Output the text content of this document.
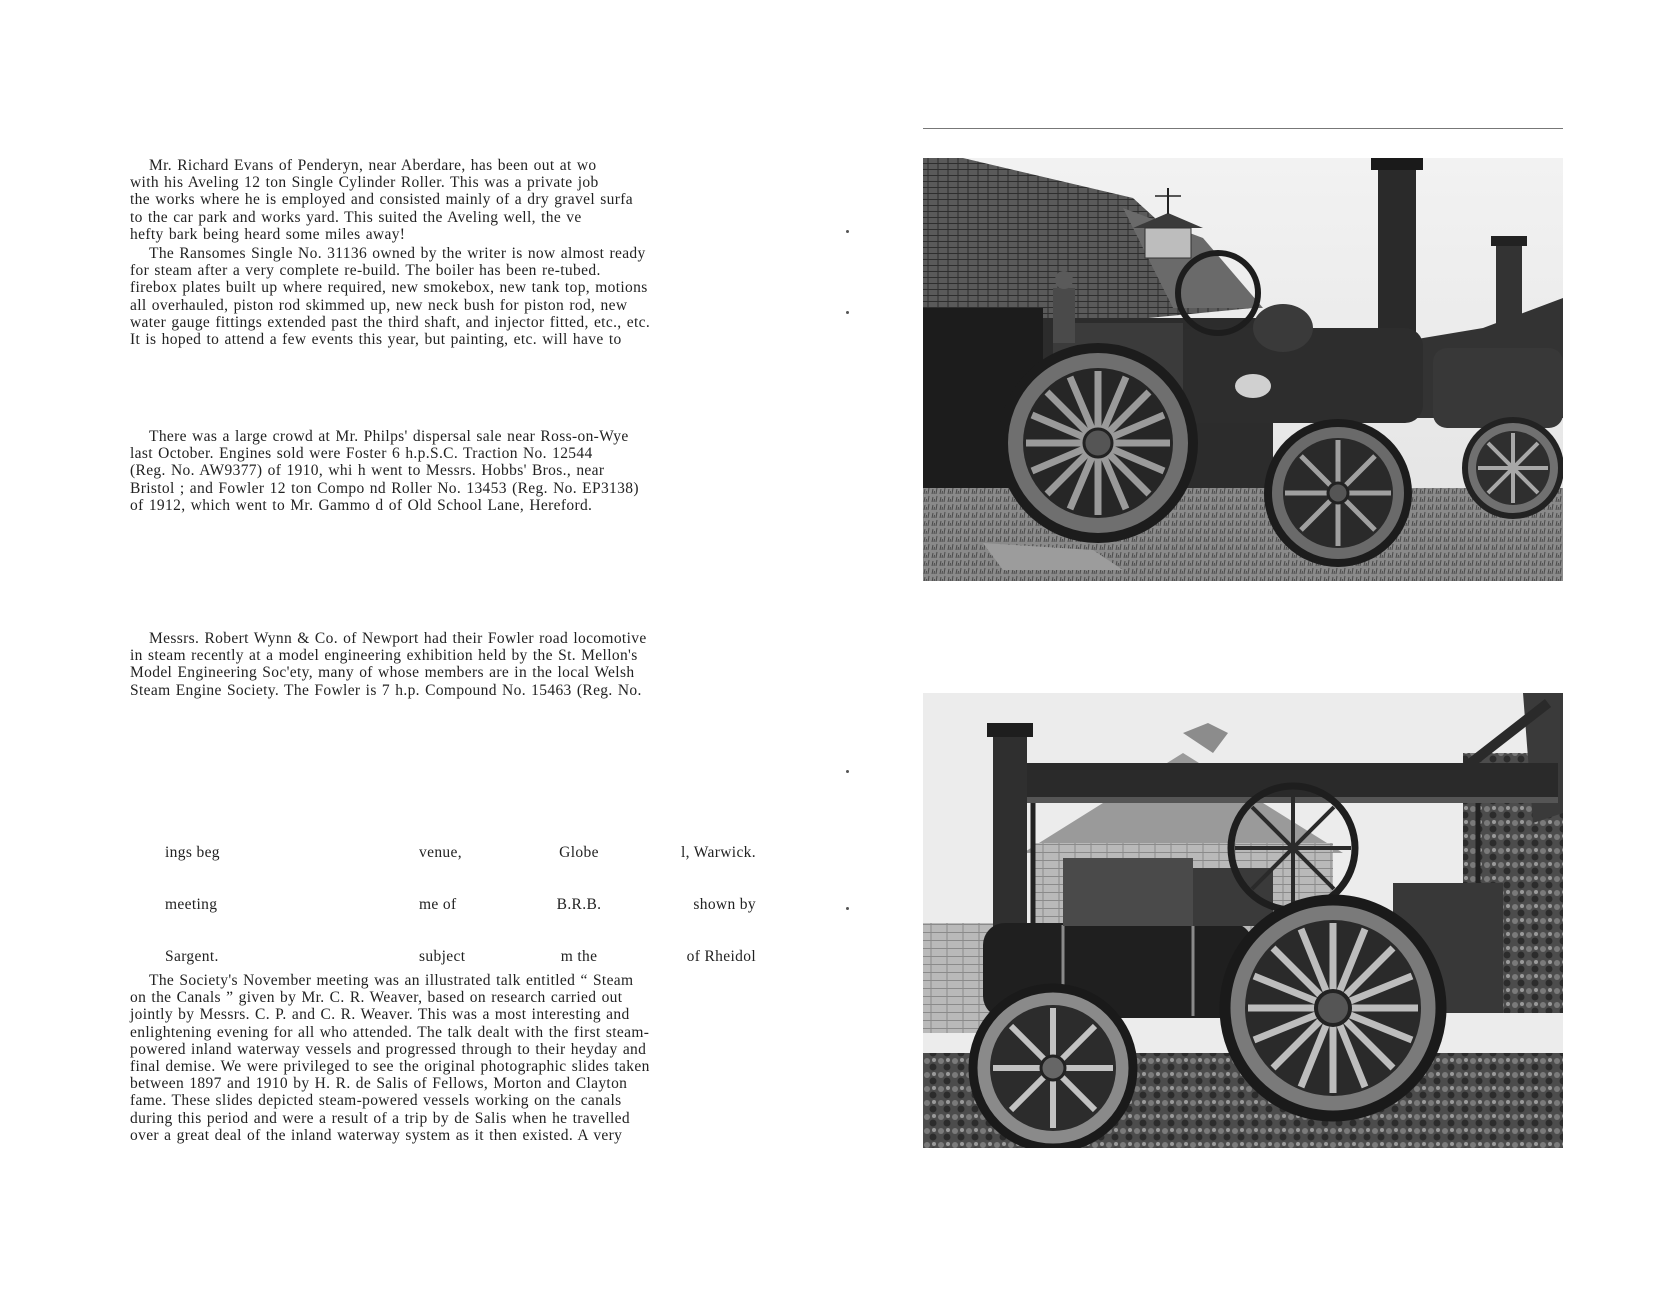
Mr. Richard Evans of Penderyn, near Aberdare, has been out at wo
with his Aveling 12 ton Single Cylinder Roller. This was a private job
the works where he is employed and consisted mainly of a dry gravel surfa
to the car park and works yard. This suited the Aveling well, the ve
hefty bark being heard some miles away!
The Ransomes Single No. 31136 owned by the writer is now almost ready
for steam after a very complete re-build. The boiler has been re-tubed.
firebox plates built up where required, new smokebox, new tank top, motions
all overhauled, piston rod skimmed up, new neck bush for piston rod, new
water gauge fittings extended past the third shaft, and injector fitted, etc., etc.
It is hoped to attend a few events this year, but painting, etc. will have to
There was a large crowd at Mr. Philps' dispersal sale near Ross-on-Wye
last October. Engines sold were Foster 6 h.p.S.C. Traction No. 12544
(Reg. No. AW9377) of 1910, whi h went to Messrs. Hobbs' Bros., near
Bristol ; and Fowler 12 ton Compo nd Roller No. 13453 (Reg. No. EP3138)
of 1912, which went to Mr. Gammo d of Old School Lane, Hereford.
Messrs. Robert Wynn & Co. of Newport had their Fowler road locomotive
in steam recently at a model engineering exhibition held by the St. Mellon's
Model Engineering Soc'ety, many of whose members are in the local Welsh
Steam Engine Society. The Fowler is 7 h.p. Compound No. 15463 (Reg. No.

ings beg

meeting

Sargent.

venue,

me of

subject

Globe

B.R.B.

m the

l, Warwick.

shown by

of Rheidol

The Society's November meeting was an illustrated talk entitled “ Steam
on the Canals ” given by Mr. C. R. Weaver, based on research carried out
jointly by Messrs. C. P. and C. R. Weaver. This was a most interesting and
enlightening evening for all who attended. The talk dealt with the first steam-
powered inland waterway vessels and progressed through to their heyday and
final demise. We were privileged to see the original photographic slides taken
between 1897 and 1910 by H. R. de Salis of Fellows, Morton and Clayton
fame. These slides depicted steam-powered vessels working on the canals
during this period and were a result of a trip by de Salis when he travelled
over a great deal of the inland waterway system as it then existed. A very
